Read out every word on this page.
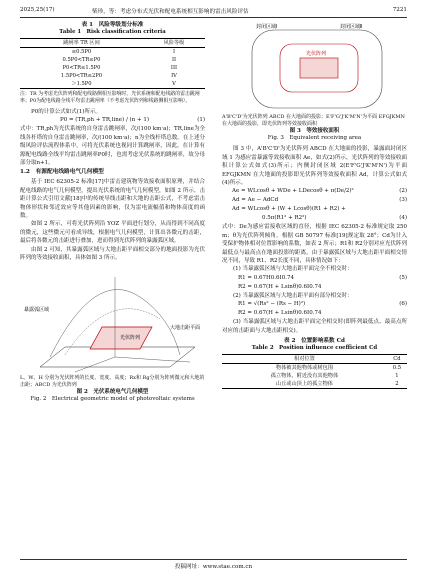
2025,25(17)	柴珍，等：考虑分布式光伏和配电系统相互影响的雷击风险评估	7221
表 1　风险等级划分标准
Table 1　Risk classification criteria
跳闸率 TR 区间	风险等级
≤0.5P0	I
0.5P0<TR≤P0	II
P0<TR≤1.5P0	III
1.5P0<TR≤2P0	IV
＞1.5P0	V
注：TR 为考虑光伏阵列和配电线路侧相互影响时，光伏系统和配电线路的雷击跳闸率；P0为配电线路全线平均雷击跳闸率（不考虑光伏阵列和线路侧相互影响）。

P0的计算公式如式(1)所示。

P0 = (TR,ph + TR,line) / (n + 1)	(1)

式中：TR,ph为光伏系统的自身雷击跳闸率，次/(100 km·a)；TR,line为全线各杆塔的自身雷击跳闸率，次/(100 km·a)；n为全线杆塔总数。在上述分级风险评估流程体系中，可将光伏系统也视同计算跳闸率，因此，在计算有源配电线路全线平均雷击跳闸率P0时，也需考虑光伏系统的跳闸率，故分母部分取n+1。

1.2　有源配电线路电气几何模型

基于 IEC 62305-2 标准[17]中雷击建筑物等效接收面积原理，并结合配电线路的电气几何模型，提出光伏系统的电气几何模型，如图 2 所示。击距计算公式引用文献[18]中的传统导线击距和大地的击距公式，不考虑雷击物体形状和邻近效应等其他因素的影响，仅为雷电流幅值和物体高度的函数。

如图 2 所示，可将光伏阵列沿 YOZ 平面进行划分，从而得到不同高度的微元，这些微元可看成导线，根据电气几何模型，计算出各微元的击距，最后将各微元的击距进行叠加，进而得到光伏阵列的暴露弧区域。

由图 2 可知，其暴露弧区域与大地击距平面相交部分的地面投影为光伏阵列的等效接收面积，具体如图 3 所示。

暴露弧区域
大地击距平面
光伏阵列
L、W、H 分别为光伏阵列的长度、宽度、高度；Rx和 Rg分别为阵列微元和大地的击距；ABCD 为光伏阵列
图 2　光伏系统电气几何模型
Fig. 2　Electrical geometric model of photovoltaic systems
封闭区域Ⅰ	封闭区域Ⅱ
光伏阵列
A'B'C'D'为光伏阵列 ABCD 在大地面的投影；E'F'G'J'K'M'N'为平面 EFGJKMN 在大地面的投影，即光伏阵列等效接收面积
图 3　等效接收面积
Fig. 3　Equivalent receiving area

图 3 中，A'B'C'D'为光伏阵列 ABCD 在大地面的投影，暴露面封闭区域 1 为感应雷暴露等效接收面积 Ae，如式(2)所示，光伏阵列的等效接收面积计算公式如式(3)所示；内侧封闭区域 2(E'F'G'J'K'M'N')为平面 EFGJKMN 在大地面的投影即光伏阵列等效接收面积 Ad，计算公式如式(4)所示。

Ae = WLcosθ + WDe + LDecosθ + π(De/2)²	(2)
Ad = Ae − AdCd	(3)
Ad = WLcosθ + (W + Lcosθ)(R1 + R2) +
0.5π(R1² + R2²)	(4)

式中：De为感应雷接收区域的直径，根据 IEC 62305-2 标准规定取 250 m；θ为光伏阵列倾角，根据 GB 50797 标准[19]规定取 28°；Cd为计入受保护物体相对位置影响的系数，如表 2 所示；R1和 R2分别对应光伏阵列最低点与最高点在地面投影的距离，由于暴露弧区域与大地击距平面相交情况不同，导致 R1、R2长度不同，具体情况如下：

(1) 当暴露弧区域与大地击距平面完全不相交时：

R1 = 0.67H0.6I0.74	(5)
R2 = 0.67(H + Lsinθ)0.6I0.74

(2) 当暴露弧区域与大地击距平面有部分相交时：

R1 = √(Rs² − (Rs − H)²)	(6)
R2 = 0.67(H + Lsinθ)0.6I0.74

(3) 当暴露弧区域与大地击距平面完全相交时(即阵列最低点、最高点所对应的击距面与大地击距相交)。

表 2　位置影响系数 Cd
Table 2　Position influence coefficient Cd
相对位置	Cd
物体被其他物体或树包围	0.5
孤立物体，附近没有其他物体	1
山丘或山顶上的孤立物体	2
投稿网址：www.stae.com.cn
